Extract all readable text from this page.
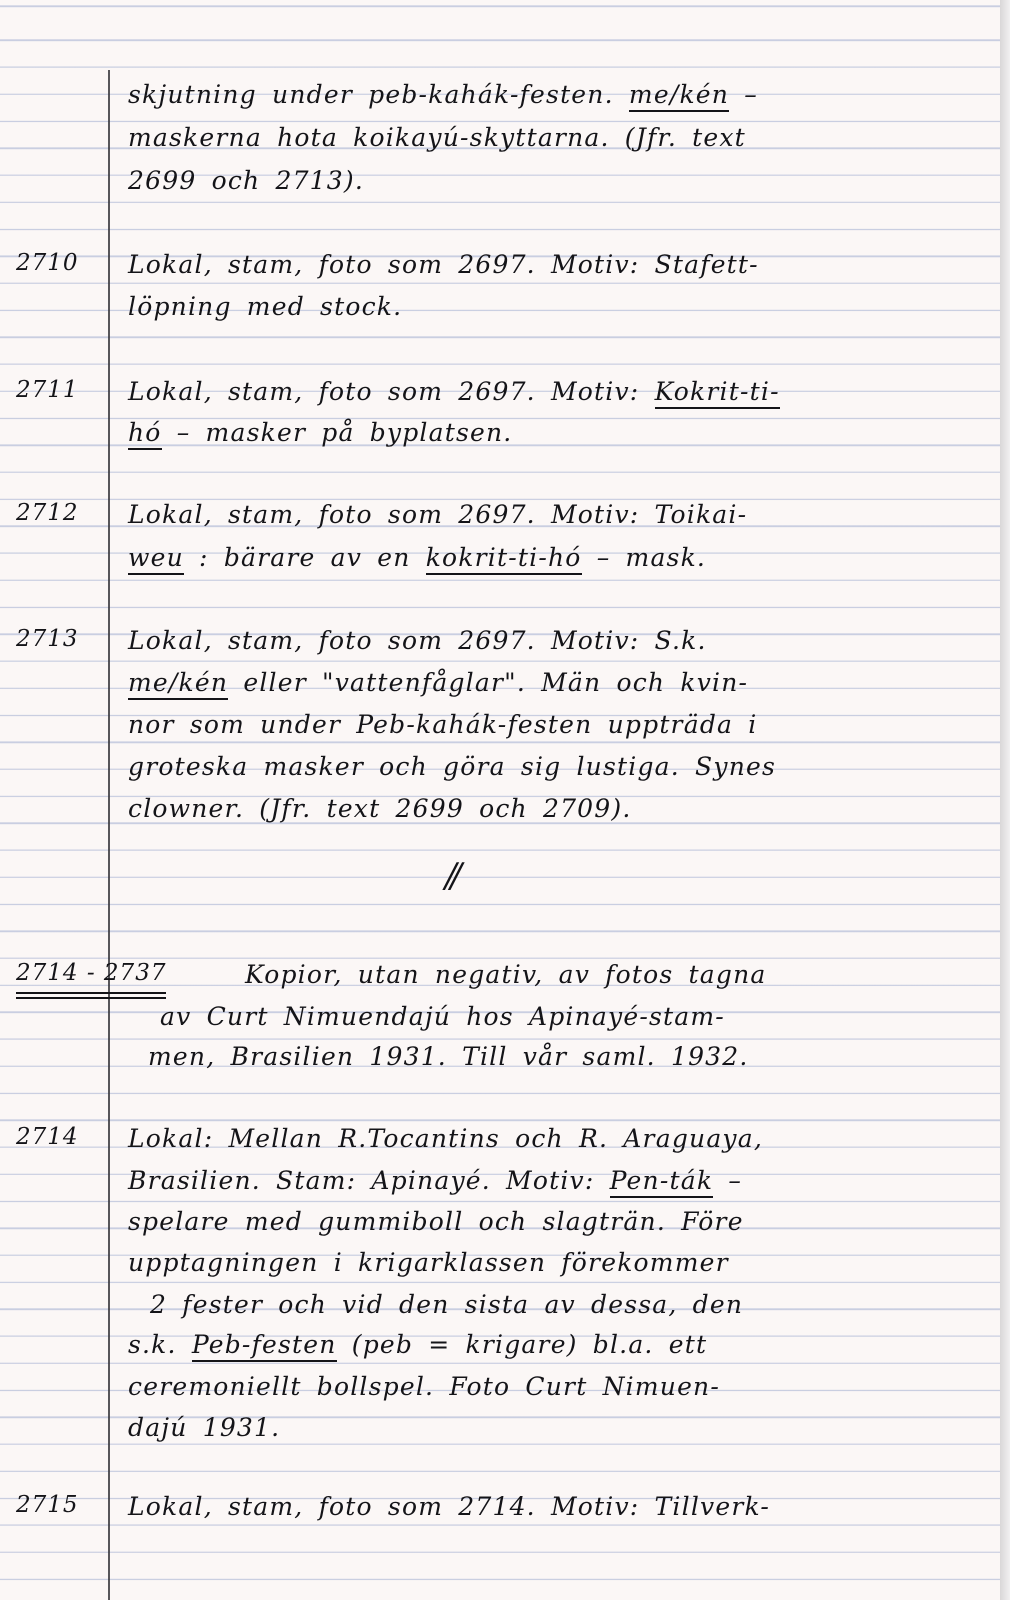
skjutning under peb-kahák-festen. me/kén –
maskerna hota koikayú-skyttarna. (Jfr. text
2699 och 2713).
2710 Lokal, stam, foto som 2697. Motiv: Stafett-
löpning med stock.
2711 Lokal, stam, foto som 2697. Motiv: Kokrit-ti-
hó – masker på byplatsen.
2712 Lokal, stam, foto som 2697. Motiv: Toikai-
weu : bärare av en kokrit-ti-hó – mask.
2713 Lokal, stam, foto som 2697. Motiv: S.k.
me/kén eller "vattenfåglar". Män och kvin-
nor som under Peb-kahák-festen uppträda i
groteska masker och göra sig lustiga. Synes
clowner. (Jfr. text 2699 och 2709).
//
2714 - 2737	Kopior, utan negativ, av fotos tagna
av Curt Nimuendajú hos Apinayé-stam-
men, Brasilien 1931. Till vår saml. 1932.
2714 Lokal: Mellan R.Tocantins och R. Araguaya,
Brasilien. Stam: Apinayé. Motiv: Pen-ták –
spelare med gummiboll och slagträn. Före
upptagningen i krigarklassen förekommer
2 fester och vid den sista av dessa, den
s.k. Peb-festen (peb = krigare) bl.a. ett
ceremoniellt bollspel. Foto Curt Nimuen-
dajú 1931.
2715 Lokal, stam, foto som 2714. Motiv: Tillverk-
